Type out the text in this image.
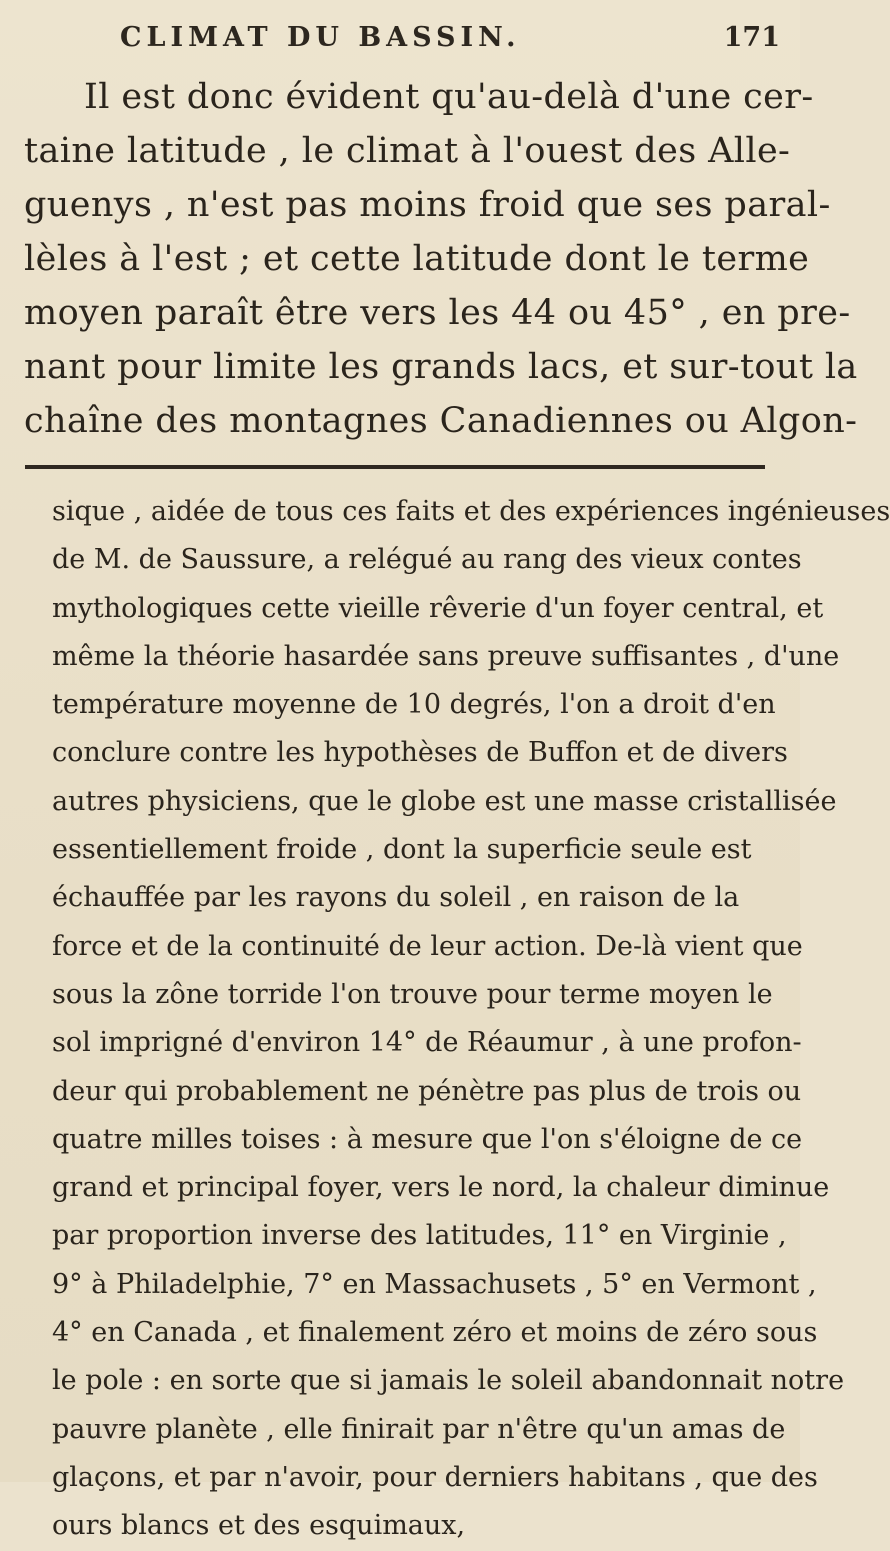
CLIMAT DU BASSIN.	171
Il est donc évident qu'au-delà d'une cer-
taine latitude , le climat à l'ouest des Alle-
guenys , n'est pas moins froid que ses paral-
lèles à l'est ; et cette latitude dont le terme
moyen paraît être vers les 44 ou 45° , en pre-
nant pour limite les grands lacs, et sur-tout la
chaîne des montagnes Canadiennes ou Algon-
sique , aidée de tous ces faits et des expériences ingénieuses
de M. de Saussure, a relégué au rang des vieux contes
mythologiques cette vieille rêverie d'un foyer central, et
même la théorie hasardée sans preuve suffisantes , d'une
température moyenne de 10 degrés, l'on a droit d'en
conclure contre les hypothèses de Buffon et de divers
autres physiciens, que le globe est une masse cristallisée
essentiellement froide , dont la superficie seule est
échauffée par les rayons du soleil , en raison de la
force et de la continuité de leur action. De-là vient que
sous la zône torride l'on trouve pour terme moyen le
sol imprigné d'environ 14° de Réaumur , à une profon-
deur qui probablement ne pénètre pas plus de trois ou
quatre milles toises : à mesure que l'on s'éloigne de ce
grand et principal foyer, vers le nord, la chaleur diminue
par proportion inverse des latitudes, 11° en Virginie ,
9° à Philadelphie, 7° en Massachusets , 5° en Vermont ,
4° en Canada , et finalement zéro et moins de zéro sous
le pole : en sorte que si jamais le soleil abandonnait notre
pauvre planète , elle finirait par n'être qu'un amas de
glaçons, et par n'avoir, pour derniers habitans , que des
ours blancs et des esquimaux,
